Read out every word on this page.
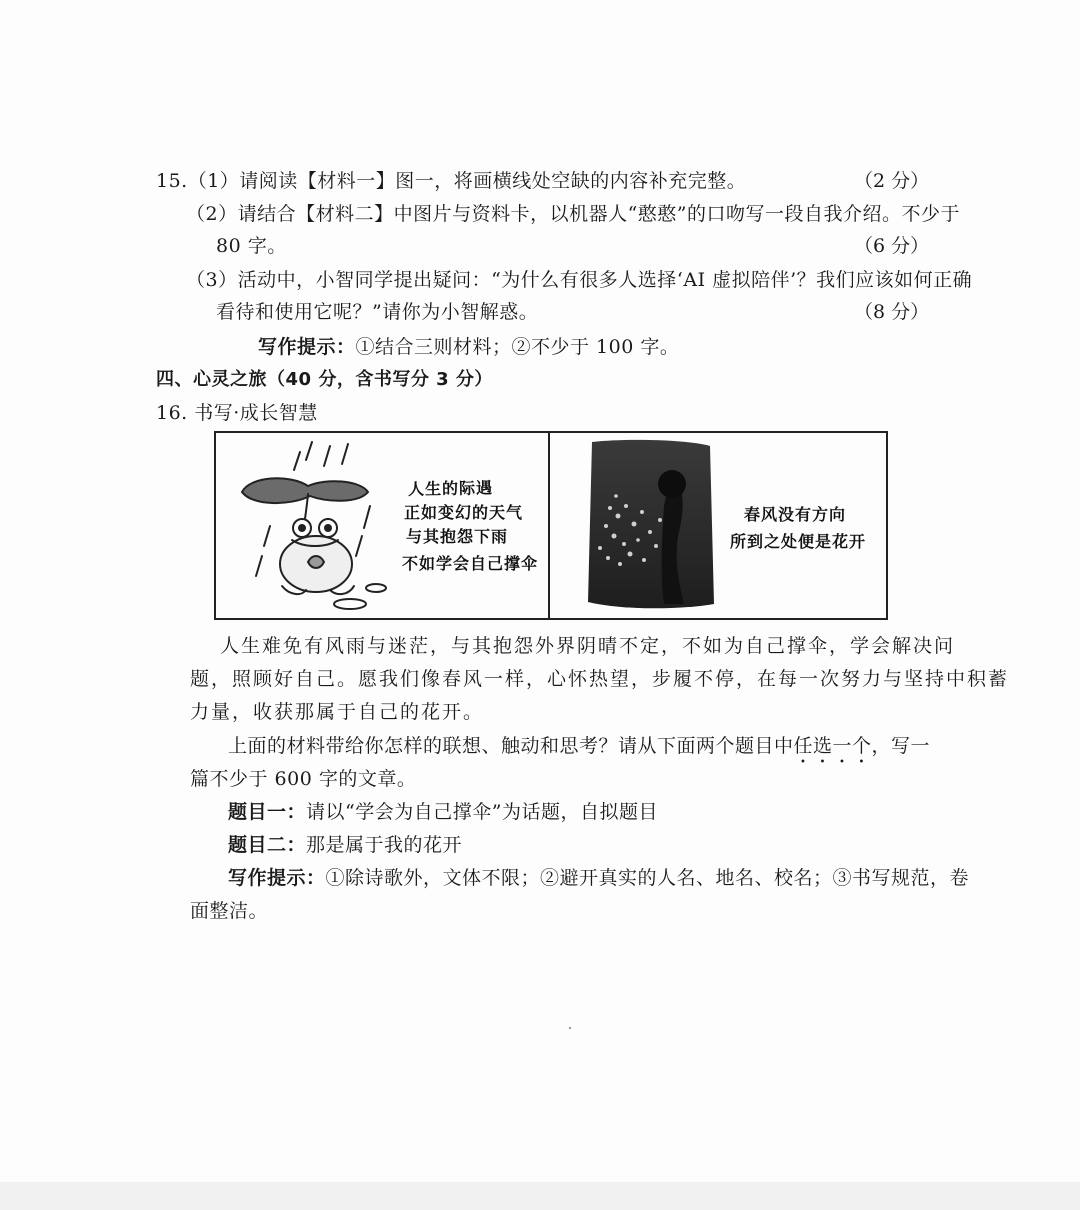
15.（1）请阅读【材料一】图一，将画横线处空缺的内容补充完整。	（2 分）
（2）请结合【材料二】中图片与资料卡，以机器人“憨憨”的口吻写一段自我介绍。不少于
80 字。	（6 分）
（3）活动中，小智同学提出疑问：“为什么有很多人选择‘AI 虚拟陪伴’？我们应该如何正确
看待和使用它呢？”请你为小智解惑。	（8 分）
写作提示：①结合三则材料；②不少于 100 字。
四、心灵之旅（40 分，含书写分 3 分）
16. 书写·成长智慧
人生的际遇
正如变幻的天气
与其抱怨下雨
不如学会自己撑伞
春风没有方向
所到之处便是花开
人生难免有风雨与迷茫，与其抱怨外界阴晴不定，不如为自己撑伞，学会解决问
题，照顾好自己。愿我们像春风一样，心怀热望，步履不停，在每一次努力与坚持中积蓄
力量，收获那属于自己的花开。
上面的材料带给你怎样的联想、触动和思考？请从下面两个题目中任选一个，写一
篇不少于 600 字的文章。
题目一：请以“学会为自己撑伞”为话题，自拟题目
题目二：那是属于我的花开
写作提示：①除诗歌外，文体不限；②避开真实的人名、地名、校名；③书写规范，卷
面整洁。
